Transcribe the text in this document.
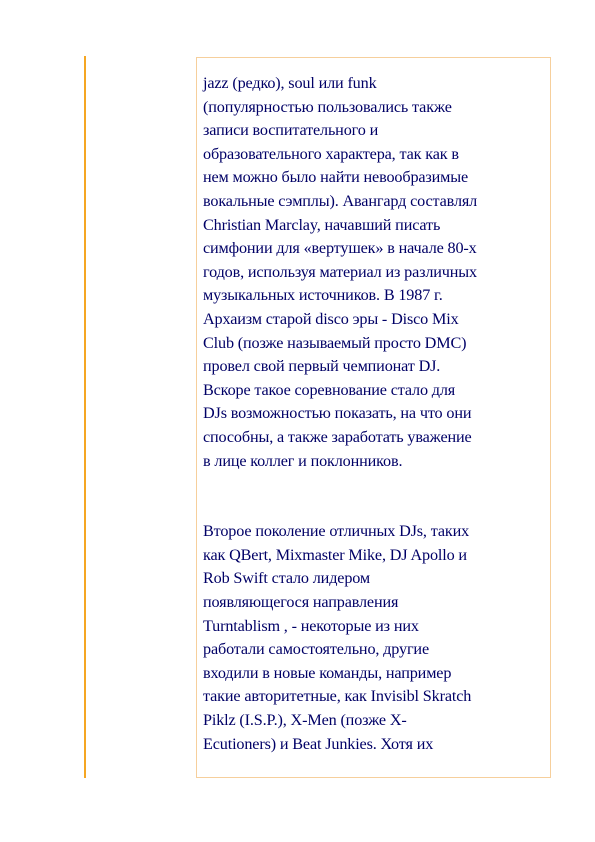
jazz (редко), soul или funk
(популярностью пользовались также
записи воспитательного и
образовательного характера, так как в
нем можно было найти невообразимые
вокальные сэмплы). Авангард составлял
Christian Marclay, начавший писать
симфонии для «вертушек» в начале 80-х
годов, используя материал из различных
музыкальных источников. В 1987 г.
Архаизм старой disco эры - Disco Mix
Club (позже называемый просто DMC)
провел свой первый чемпионат DJ.
Вскоре такое соревнование стало для
DJs возможностью показать, на что они
способны, а также заработать уважение
в лице коллег и поклонников.
Второе поколение отличных DJs, таких
как QBert, Mixmaster Mike, DJ Apollo и
Rob Swift стало лидером
появляющегося направления
Turntablism , - некоторые из них
работали самостоятельно, другие
входили в новые команды, например
такие авторитетные, как Invisibl Skratch
Piklz (I.S.P.), X-Men (позже X-
Ecutioners) и Beat Junkies. Хотя их
